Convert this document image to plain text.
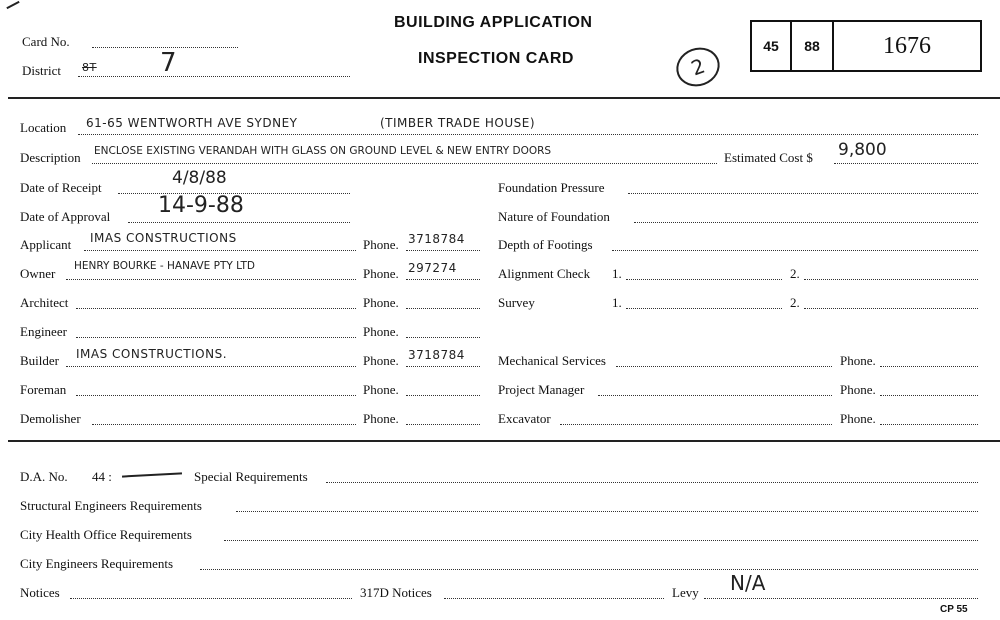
Card No.
District 8T 7
BUILDING APPLICATION
INSPECTION CARD	2
45	88	1676
Location 61-65 WENTWORTH AVE SYDNEY	(TIMBER TRADE HOUSE)
Description ENCLOSE EXISTING VERANDAH WITH GLASS ON GROUND LEVEL & NEW ENTRY DOORS	Estimated Cost $ 9,800
Date of Receipt	4/8/88
Date of Approval 14-9-88
Applicant IMAS CONSTRUCTIONS	Phone. 3718784
Owner HENRY BOURKE - HANAVE PTY LTD	Phone. 297274
Architect	Phone.
Engineer	Phone.
Builder IMAS CONSTRUCTIONS.	Phone. 3718784
Foreman	Phone.
Demolisher	Phone.
Foundation Pressure
Nature of Foundation
Depth of Footings
Alignment Check 1.	2.
Survey	1.	2.
Mechanical Services	Phone.
Project Manager	Phone.
Excavator	Phone.
D.A. No. 44 :	Special Requirements
Structural Engineers Requirements
City Health Office Requirements
City Engineers Requirements
Notices	317D Notices	Levy N/A
CP 55
